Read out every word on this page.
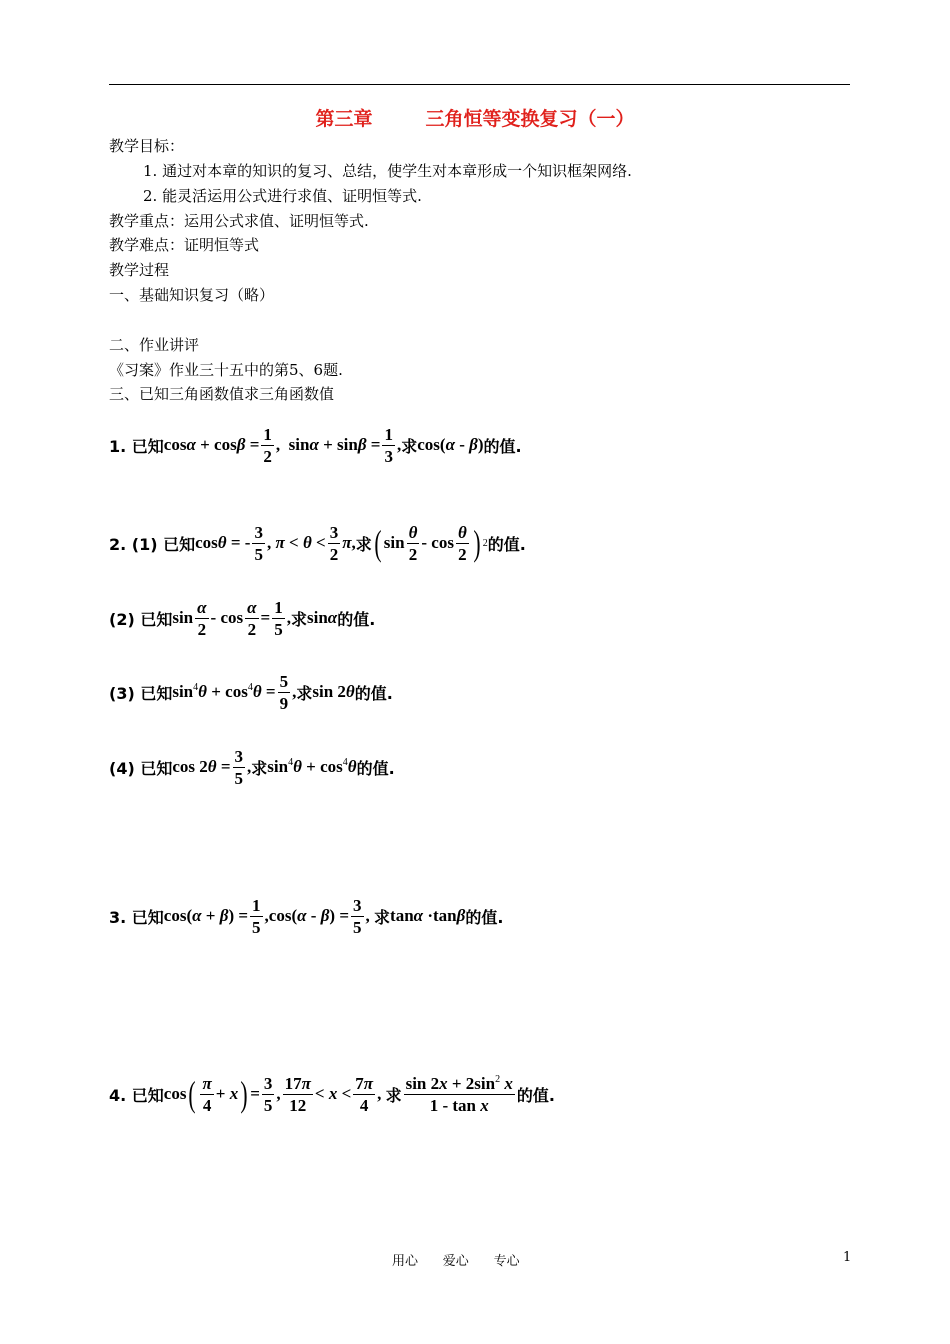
第三章        三角恒等变换复习（一）
教学目标：
1. 通过对本章的知识的复习、总结，使学生对本章形成一个知识框架网络.
2. 能灵活运用公式进行求值、证明恒等式.
教学重点：运用公式求值、证明恒等式.
教学难点：证明恒等式
教学过程
一、基础知识复习（略）
二、作业讲评
《习案》作业三十五中的第5、6题.
三、已知三角函数值求三角函数值
1. 已知 $\cos\alpha + \cos\beta = \frac{1}{2}$ ,  $\sin\alpha + \sin\beta = \frac{1}{3}$ , 求 cos(α - β) 的值.
2. (1) 已知 cosθ = -
3
5
, π < θ <
3
2
π, 求 ( sin
θ
2
- cos
θ
2 ) 2 的值.
(2) 已知 sin
α
2
- $\cos \frac{\alpha}{2} = \frac{1}{5}$ , 求 sinα 的值.
(3) 已知 $\sin^4\theta + \cos^4\theta = \frac{5}{9}$ , 求 sin 2θ 的值.
(4) 已知 $\cos 2\theta = \frac{3}{5}$ , 求 $\sin^4\theta + \cos^4\theta$ 的值.
3. 已知 $\cos(\alpha + \beta) = \frac{1}{5} ,\cos(\alpha - \beta) = \frac{3}{5}$ , 求 tanα ·tanβ 的值.
4. 已知 cos ( π
4
+ x ) = $\frac{3}{5}$ ,
17π
12
< x <
7π
4
, 求
$\sin 2x + 2\sin^2$ x
1 - tan x
的值.
用心      爱心      专心	1
